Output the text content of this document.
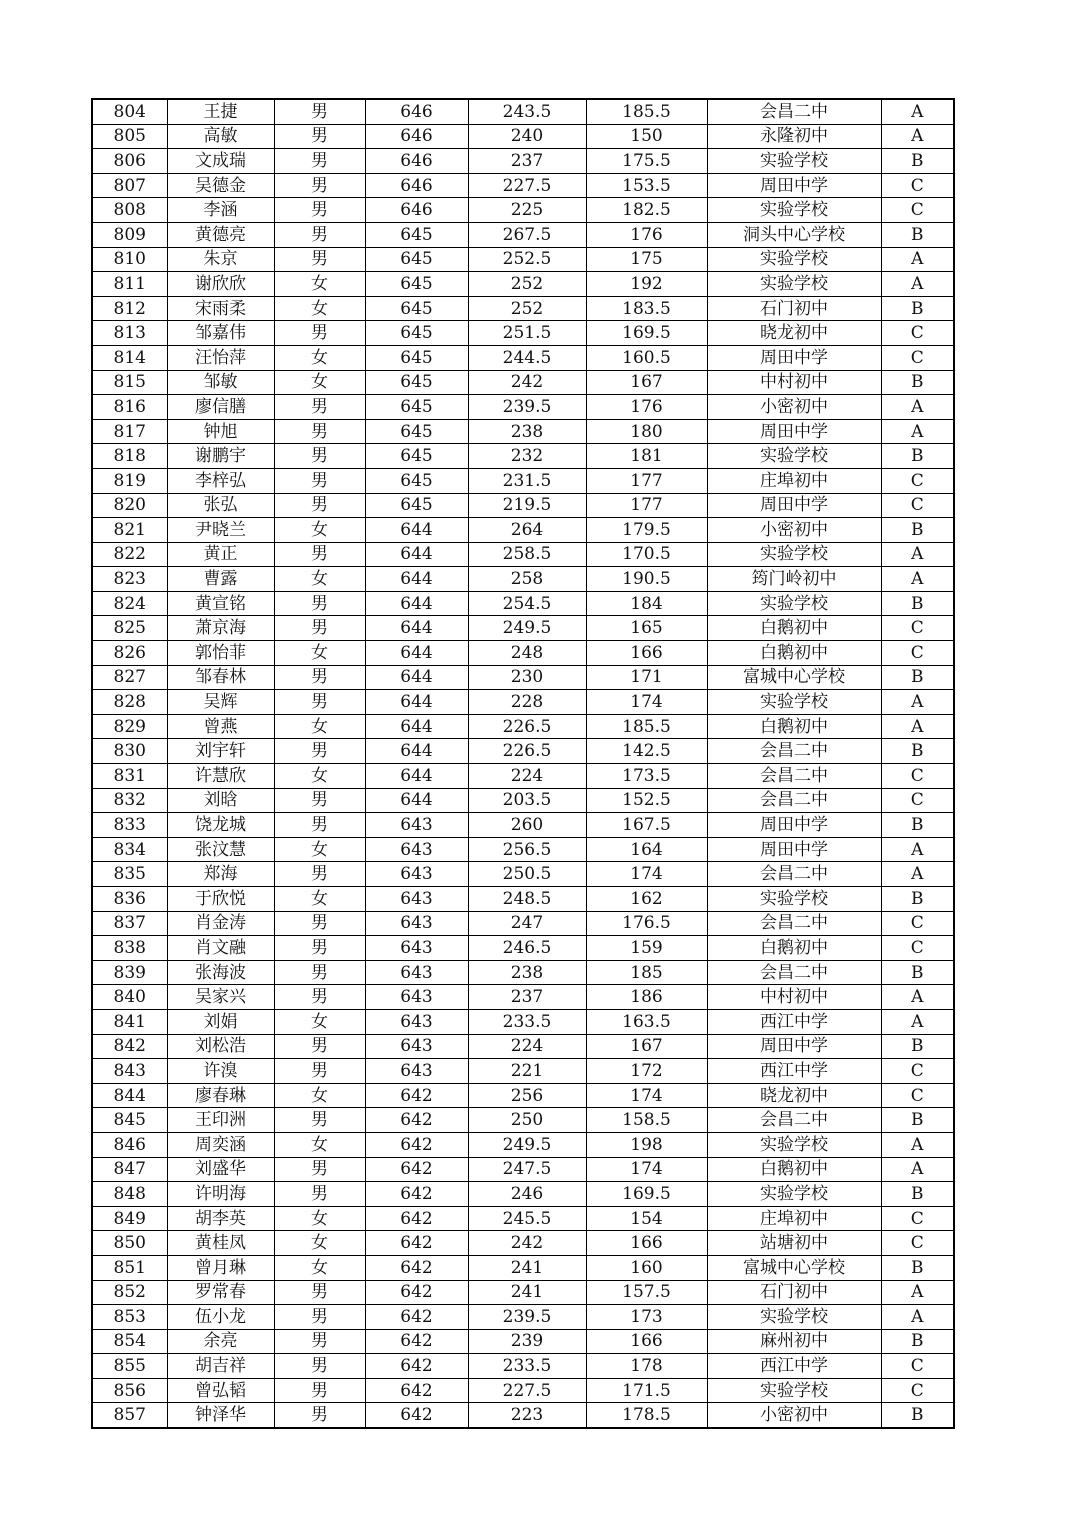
804	王捷	男	646	243.5	185.5	会昌二中	A
805	高敏	男	646	240	150	永隆初中	A
806	文成瑞	男	646	237	175.5	实验学校	B
807	吴德金	男	646	227.5	153.5	周田中学	C
808	李涵	男	646	225	182.5	实验学校	C
809	黄德亮	男	645	267.5	176	洞头中心学校	B
810	朱京	男	645	252.5	175	实验学校	A
811	谢欣欣	女	645	252	192	实验学校	A
812	宋雨柔	女	645	252	183.5	石门初中	B
813	邹嘉伟	男	645	251.5	169.5	晓龙初中	C
814	汪怡萍	女	645	244.5	160.5	周田中学	C
815	邹敏	女	645	242	167	中村初中	B
816	廖信膳	男	645	239.5	176	小密初中	A
817	钟旭	男	645	238	180	周田中学	A
818	谢鹏宇	男	645	232	181	实验学校	B
819	李梓弘	男	645	231.5	177	庄埠初中	C
820	张弘	男	645	219.5	177	周田中学	C
821	尹晓兰	女	644	264	179.5	小密初中	B
822	黄正	男	644	258.5	170.5	实验学校	A
823	曹露	女	644	258	190.5	筠门岭初中	A
824	黄宣铭	男	644	254.5	184	实验学校	B
825	萧京海	男	644	249.5	165	白鹅初中	C
826	郭怡菲	女	644	248	166	白鹅初中	C
827	邹春林	男	644	230	171	富城中心学校	B
828	吴辉	男	644	228	174	实验学校	A
829	曾燕	女	644	226.5	185.5	白鹅初中	A
830	刘宇轩	男	644	226.5	142.5	会昌二中	B
831	许慧欣	女	644	224	173.5	会昌二中	C
832	刘晗	男	644	203.5	152.5	会昌二中	C
833	饶龙城	男	643	260	167.5	周田中学	B
834	张汶慧	女	643	256.5	164	周田中学	A
835	郑海	男	643	250.5	174	会昌二中	A
836	于欣悦	女	643	248.5	162	实验学校	B
837	肖金涛	男	643	247	176.5	会昌二中	C
838	肖文融	男	643	246.5	159	白鹅初中	C
839	张海波	男	643	238	185	会昌二中	B
840	吴家兴	男	643	237	186	中村初中	A
841	刘娟	女	643	233.5	163.5	西江中学	A
842	刘松浩	男	643	224	167	周田中学	B
843	许溴	男	643	221	172	西江中学	C
844	廖春琳	女	642	256	174	晓龙初中	C
845	王印洲	男	642	250	158.5	会昌二中	B
846	周奕涵	女	642	249.5	198	实验学校	A
847	刘盛华	男	642	247.5	174	白鹅初中	A
848	许明海	男	642	246	169.5	实验学校	B
849	胡李英	女	642	245.5	154	庄埠初中	C
850	黄桂凤	女	642	242	166	站塘初中	C
851	曾月琳	女	642	241	160	富城中心学校	B
852	罗常春	男	642	241	157.5	石门初中	A
853	伍小龙	男	642	239.5	173	实验学校	A
854	余亮	男	642	239	166	麻州初中	B
855	胡吉祥	男	642	233.5	178	西江中学	C
856	曾弘韬	男	642	227.5	171.5	实验学校	C
857	钟泽华	男	642	223	178.5	小密初中	B
